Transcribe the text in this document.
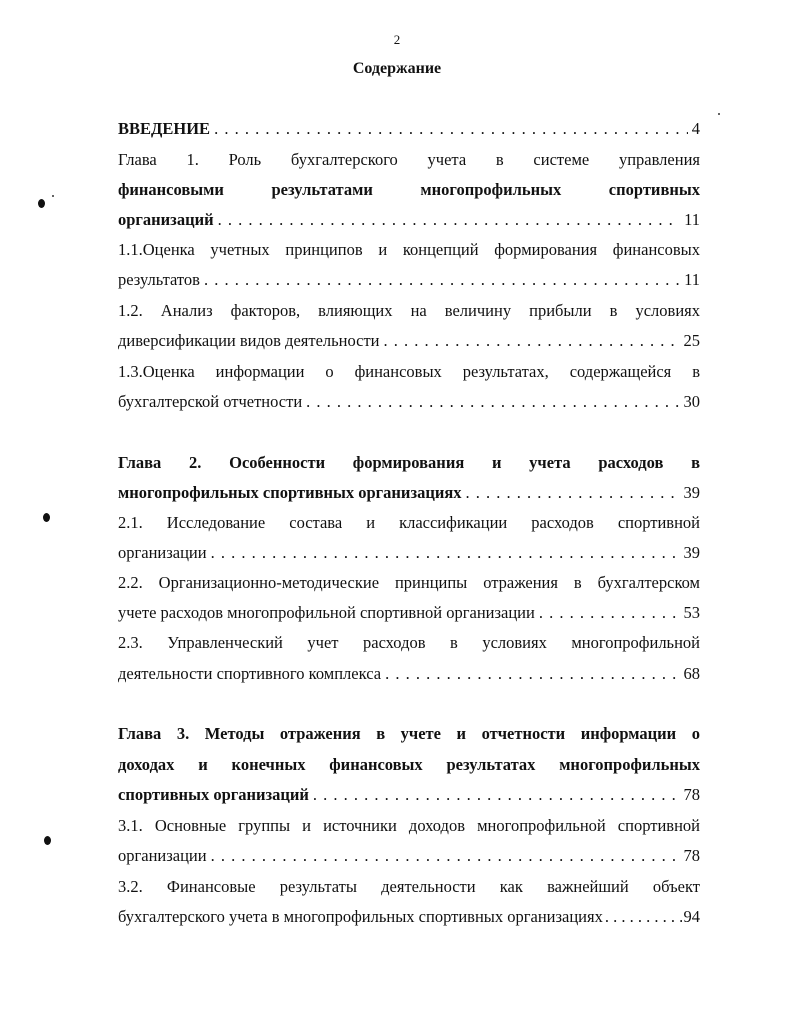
2
Содержание
ВВЕДЕНИЕ . . .	4
Глава 1. Роль бухгалтерского учета в системе управления
финансовыми результатами многопрофильных спортивных
организаций . . .	11
1.1.Оценка учетных принципов и концепций формирования финансовых
результатов . . .	11
1.2. Анализ факторов, влияющих на величину прибыли в условиях
диверсификации видов деятельности . . .	25
1.3.Оценка информации о финансовых результатах, содержащейся в
бухгалтерской отчетности . . .	30
Глава 2. Особенности формирования и учета расходов в
многопрофильных спортивных организациях . . .	39
2.1. Исследование состава и классификации расходов спортивной
организации . . .	39
2.2. Организационно-методические принципы отражения в бухгалтерском
учете расходов многопрофильной спортивной организации . . .	53
2.3. Управленческий учет расходов в условиях многопрофильной
деятельности спортивного комплекса . . .	68
Глава 3. Методы отражения в учете и отчетности информации о
доходах и конечных финансовых результатах многопрофильных
спортивных организаций . . .	78
3.1. Основные группы и источники доходов многопрофильной спортивной
организации . . .	78
3.2. Финансовые результаты деятельности как важнейший объект
бухгалтерского учета в многопрофильных спортивных организациях . . .	94
